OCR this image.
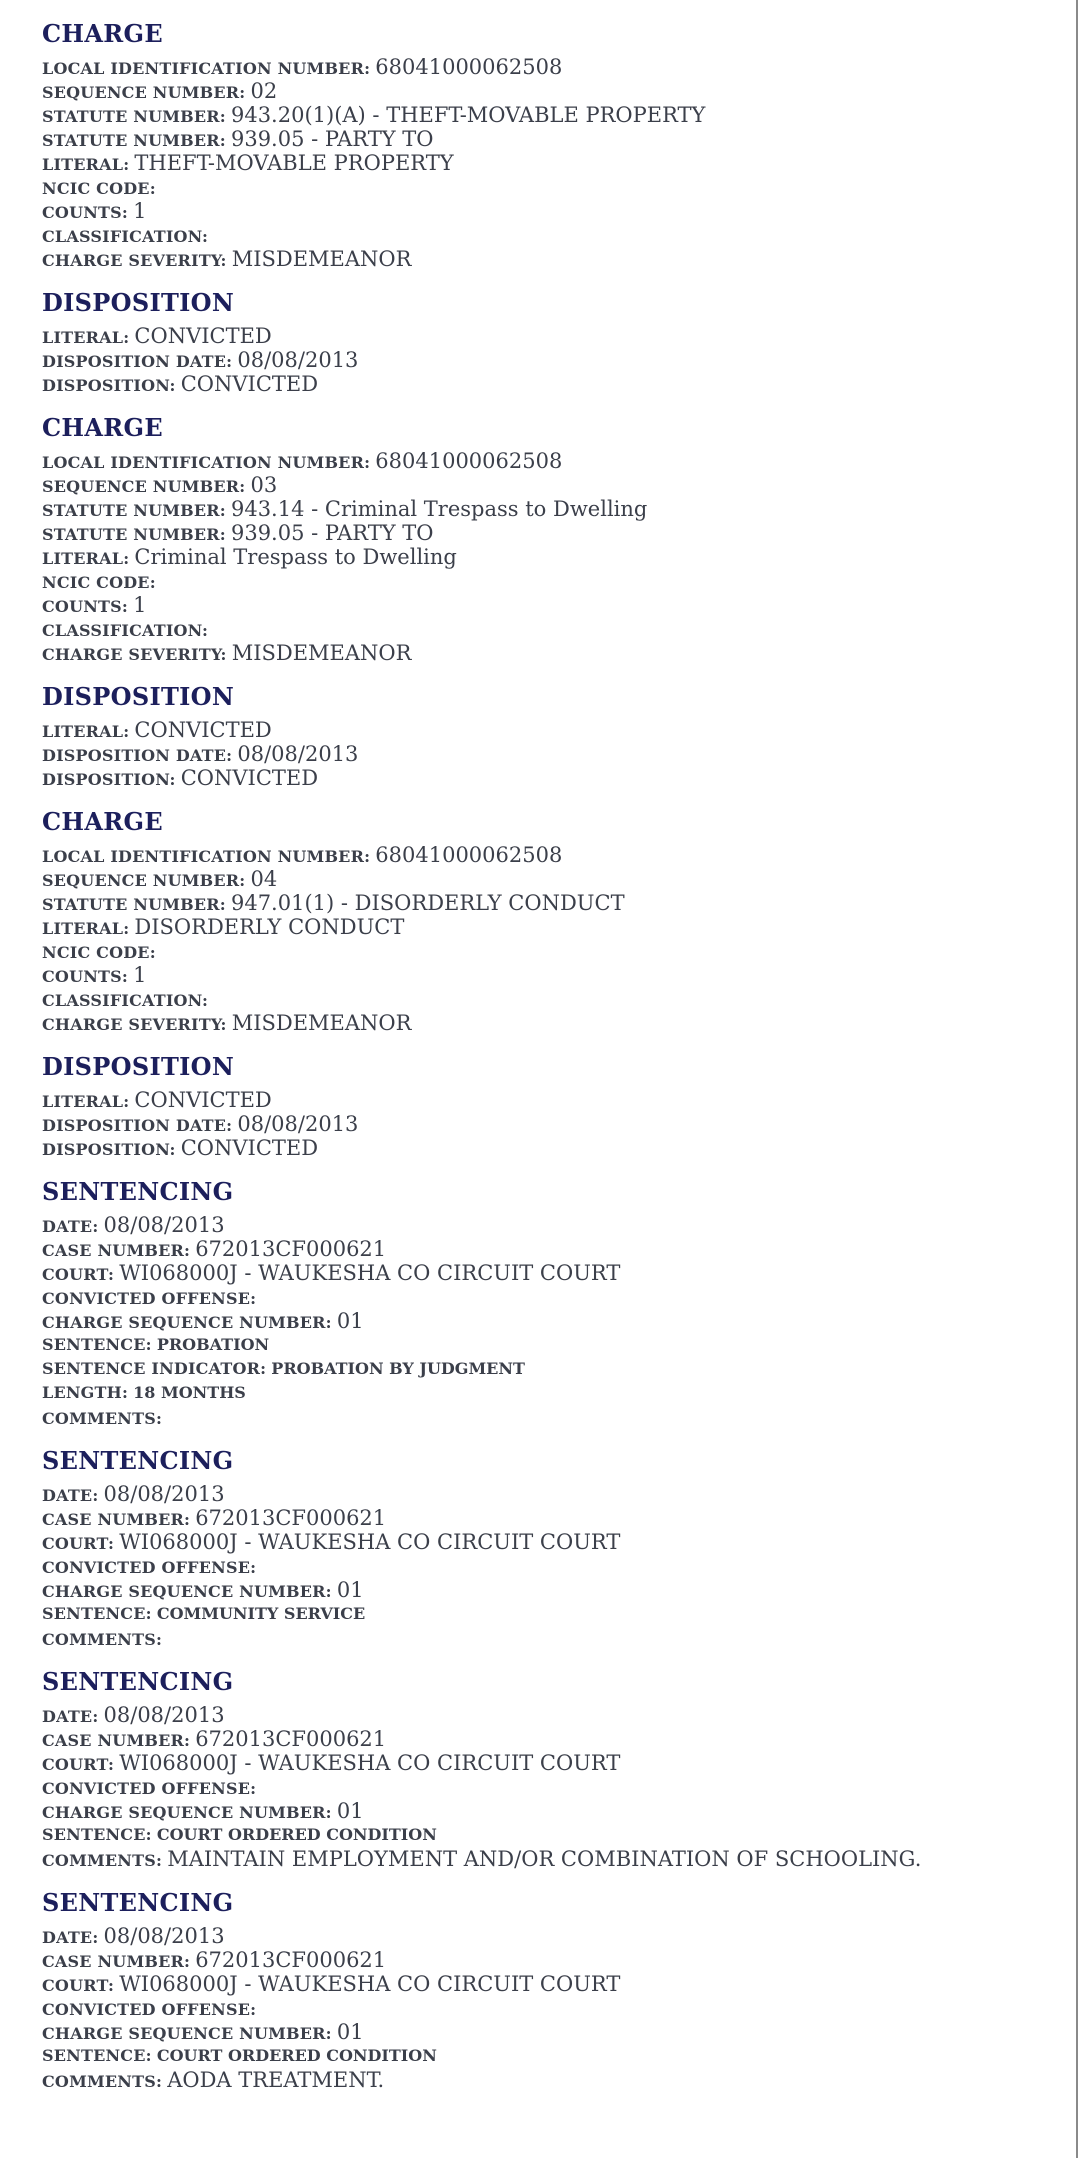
CHARGE
LOCAL IDENTIFICATION NUMBER: 68041000062508
SEQUENCE NUMBER: 02
STATUTE NUMBER: 943.20(1)(A) - THEFT-MOVABLE PROPERTY
STATUTE NUMBER: 939.05 - PARTY TO
LITERAL: THEFT-MOVABLE PROPERTY
NCIC CODE:
COUNTS: 1
CLASSIFICATION:
CHARGE SEVERITY: MISDEMEANOR
DISPOSITION
LITERAL: CONVICTED
DISPOSITION DATE: 08/08/2013
DISPOSITION: CONVICTED
CHARGE
LOCAL IDENTIFICATION NUMBER: 68041000062508
SEQUENCE NUMBER: 03
STATUTE NUMBER: 943.14 - Criminal Trespass to Dwelling
STATUTE NUMBER: 939.05 - PARTY TO
LITERAL: Criminal Trespass to Dwelling
NCIC CODE:
COUNTS: 1
CLASSIFICATION:
CHARGE SEVERITY: MISDEMEANOR
DISPOSITION
LITERAL: CONVICTED
DISPOSITION DATE: 08/08/2013
DISPOSITION: CONVICTED
CHARGE
LOCAL IDENTIFICATION NUMBER: 68041000062508
SEQUENCE NUMBER: 04
STATUTE NUMBER: 947.01(1) - DISORDERLY CONDUCT
LITERAL: DISORDERLY CONDUCT
NCIC CODE:
COUNTS: 1
CLASSIFICATION:
CHARGE SEVERITY: MISDEMEANOR
DISPOSITION
LITERAL: CONVICTED
DISPOSITION DATE: 08/08/2013
DISPOSITION: CONVICTED
SENTENCING
DATE: 08/08/2013
CASE NUMBER: 672013CF000621
COURT: WI068000J - WAUKESHA CO CIRCUIT COURT
CONVICTED OFFENSE:
CHARGE SEQUENCE NUMBER: 01
SENTENCE: PROBATION
SENTENCE INDICATOR: PROBATION BY JUDGMENT
LENGTH: 18 MONTHS
COMMENTS:
SENTENCING
DATE: 08/08/2013
CASE NUMBER: 672013CF000621
COURT: WI068000J - WAUKESHA CO CIRCUIT COURT
CONVICTED OFFENSE:
CHARGE SEQUENCE NUMBER: 01
SENTENCE: COMMUNITY SERVICE
COMMENTS:
SENTENCING
DATE: 08/08/2013
CASE NUMBER: 672013CF000621
COURT: WI068000J - WAUKESHA CO CIRCUIT COURT
CONVICTED OFFENSE:
CHARGE SEQUENCE NUMBER: 01
SENTENCE: COURT ORDERED CONDITION
COMMENTS: MAINTAIN EMPLOYMENT AND/OR COMBINATION OF SCHOOLING.
SENTENCING
DATE: 08/08/2013
CASE NUMBER: 672013CF000621
COURT: WI068000J - WAUKESHA CO CIRCUIT COURT
CONVICTED OFFENSE:
CHARGE SEQUENCE NUMBER: 01
SENTENCE: COURT ORDERED CONDITION
COMMENTS: AODA TREATMENT.
